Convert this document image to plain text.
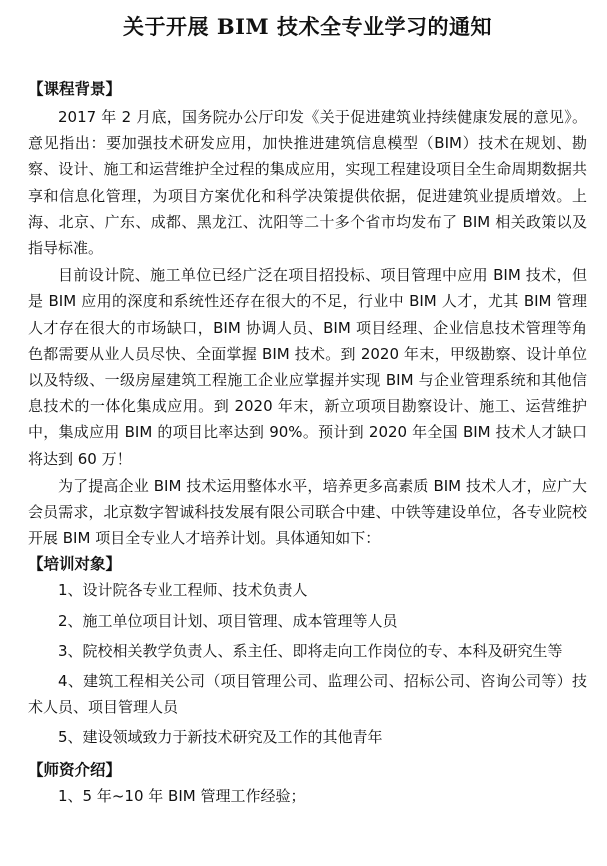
关于开展 BIM 技术全专业学习的通知
【课程背景】

2017 年 2 月底，国务院办公厅印发《关于促进建筑业持续健康发展的意见》。意见指出：要加强技术研发应用，加快推进建筑信息模型（BIM）技术在规划、勘察、设计、施工和运营维护全过程的集成应用，实现工程建设项目全生命周期数据共享和信息化管理，为项目方案优化和科学决策提供依据，促进建筑业提质增效。上海、北京、广东、成都、黑龙江、沈阳等二十多个省市均发布了 BIM 相关政策以及指导标准。

目前设计院、施工单位已经广泛在项目招投标、项目管理中应用 BIM 技术，但是 BIM 应用的深度和系统性还存在很大的不足，行业中 BIM 人才，尤其 BIM 管理人才存在很大的市场缺口，BIM 协调人员、BIM 项目经理、企业信息技术管理等角色都需要从业人员尽快、全面掌握 BIM 技术。到 2020 年末，甲级勘察、设计单位以及特级、一级房屋建筑工程施工企业应掌握并实现 BIM 与企业管理系统和其他信息技术的一体化集成应用。到 2020 年末，新立项项目勘察设计、施工、运营维护中，集成应用 BIM 的项目比率达到 90%。预计到 2020 年全国 BIM 技术人才缺口将达到 60 万！

为了提高企业 BIM 技术运用整体水平，培养更多高素质 BIM 技术人才，应广大会员需求，北京数字智诚科技发展有限公司联合中建、中铁等建设单位，各专业院校开展 BIM 项目全专业人才培养计划。具体通知如下：

【培训对象】
1、设计院各专业工程师、技术负责人
2、施工单位项目计划、项目管理、成本管理等人员
3、院校相关教学负责人、系主任、即将走向工作岗位的专、本科及研究生等
4、建筑工程相关公司（项目管理公司、监理公司、招标公司、咨询公司等）技术人员、项目管理人员
5、建设领域致力于新技术研究及工作的其他青年
【师资介绍】
1、5 年~10 年 BIM 管理工作经验；
